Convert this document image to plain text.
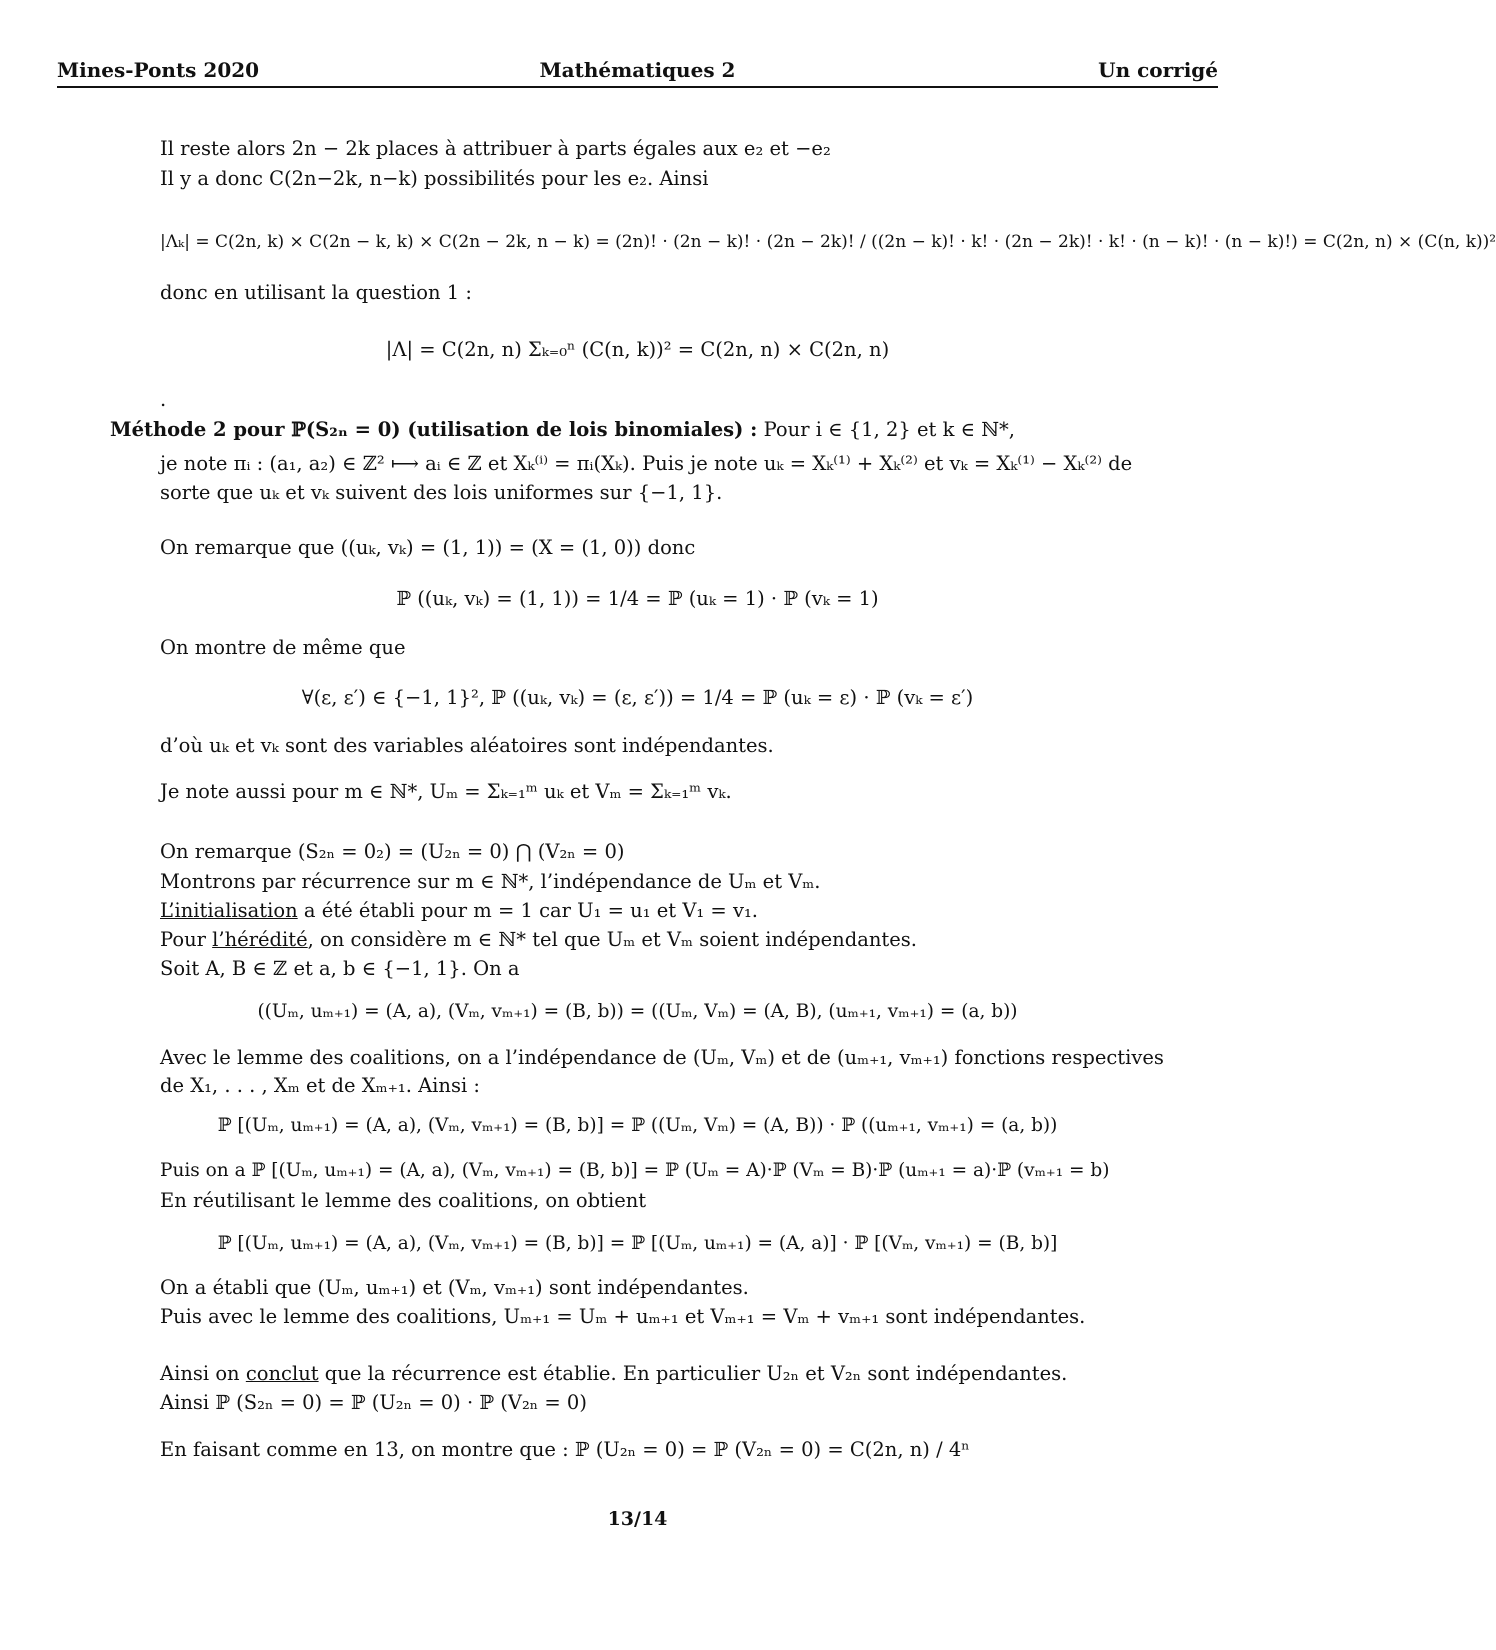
Mines-Ponts 2020	Mathématiques 2	Un corrigé
Il reste alors 2n − 2k places à attribuer à parts égales aux e₂ et −e₂
Il y a donc C(2n−2k, n−k) possibilités pour les e₂. Ainsi
|Λₖ| = C(2n, k) × C(2n − k, k) × C(2n − 2k, n − k) = (2n)! · (2n − k)! · (2n − 2k)! / ((2n − k)! · k! · (2n − 2k)! · k! · (n − k)! · (n − k)!) = C(2n, n) × (C(n, k))²
donc en utilisant la question 1 :
|Λ| = C(2n, n) Σₖ₌₀ⁿ (C(n, k))² = C(2n, n) × C(2n, n)
.
Méthode 2 pour ℙ(S₂ₙ = 0) (utilisation de lois binomiales) : Pour i ∈ {1, 2} et k ∈ ℕ*,
je note πᵢ : (a₁, a₂) ∈ ℤ² ⟼ aᵢ ∈ ℤ et Xₖ⁽ⁱ⁾ = πᵢ(Xₖ). Puis je note uₖ = Xₖ⁽¹⁾ + Xₖ⁽²⁾ et vₖ = Xₖ⁽¹⁾ − Xₖ⁽²⁾ de
sorte que uₖ et vₖ suivent des lois uniformes sur {−1, 1}.
On remarque que ((uₖ, vₖ) = (1, 1)) = (X = (1, 0)) donc
ℙ ((uₖ, vₖ) = (1, 1)) = 1/4 = ℙ (uₖ = 1) · ℙ (vₖ = 1)
On montre de même que
∀(ε, ε′) ∈ {−1, 1}², ℙ ((uₖ, vₖ) = (ε, ε′)) = 1/4 = ℙ (uₖ = ε) · ℙ (vₖ = ε′)
d’où uₖ et vₖ sont des variables aléatoires sont indépendantes.
Je note aussi pour m ∈ ℕ*, Uₘ = Σₖ₌₁ᵐ uₖ et Vₘ = Σₖ₌₁ᵐ vₖ.
On remarque (S₂ₙ = 0₂) = (U₂ₙ = 0) ⋂ (V₂ₙ = 0)
Montrons par récurrence sur m ∈ ℕ*, l’indépendance de Uₘ et Vₘ.
L’initialisation a été établi pour m = 1 car U₁ = u₁ et V₁ = v₁.
Pour l’hérédité, on considère m ∈ ℕ* tel que Uₘ et Vₘ soient indépendantes.
Soit A, B ∈ ℤ et a, b ∈ {−1, 1}. On a
((Uₘ, uₘ₊₁) = (A, a), (Vₘ, vₘ₊₁) = (B, b)) = ((Uₘ, Vₘ) = (A, B), (uₘ₊₁, vₘ₊₁) = (a, b))
Avec le lemme des coalitions, on a l’indépendance de (Uₘ, Vₘ) et de (uₘ₊₁, vₘ₊₁) fonctions respectives
de X₁, . . . , Xₘ et de Xₘ₊₁. Ainsi :
ℙ [(Uₘ, uₘ₊₁) = (A, a), (Vₘ, vₘ₊₁) = (B, b)] = ℙ ((Uₘ, Vₘ) = (A, B)) · ℙ ((uₘ₊₁, vₘ₊₁) = (a, b))
Puis on a ℙ [(Uₘ, uₘ₊₁) = (A, a), (Vₘ, vₘ₊₁) = (B, b)] = ℙ (Uₘ = A)·ℙ (Vₘ = B)·ℙ (uₘ₊₁ = a)·ℙ (vₘ₊₁ = b)
En réutilisant le lemme des coalitions, on obtient
ℙ [(Uₘ, uₘ₊₁) = (A, a), (Vₘ, vₘ₊₁) = (B, b)] = ℙ [(Uₘ, uₘ₊₁) = (A, a)] · ℙ [(Vₘ, vₘ₊₁) = (B, b)]
On a établi que (Uₘ, uₘ₊₁) et (Vₘ, vₘ₊₁) sont indépendantes.
Puis avec le lemme des coalitions, Uₘ₊₁ = Uₘ + uₘ₊₁ et Vₘ₊₁ = Vₘ + vₘ₊₁ sont indépendantes.
Ainsi on conclut que la récurrence est établie. En particulier U₂ₙ et V₂ₙ sont indépendantes.
Ainsi ℙ (S₂ₙ = 0) = ℙ (U₂ₙ = 0) · ℙ (V₂ₙ = 0)
En faisant comme en 13, on montre que : ℙ (U₂ₙ = 0) = ℙ (V₂ₙ = 0) = C(2n, n) / 4ⁿ
13/14
